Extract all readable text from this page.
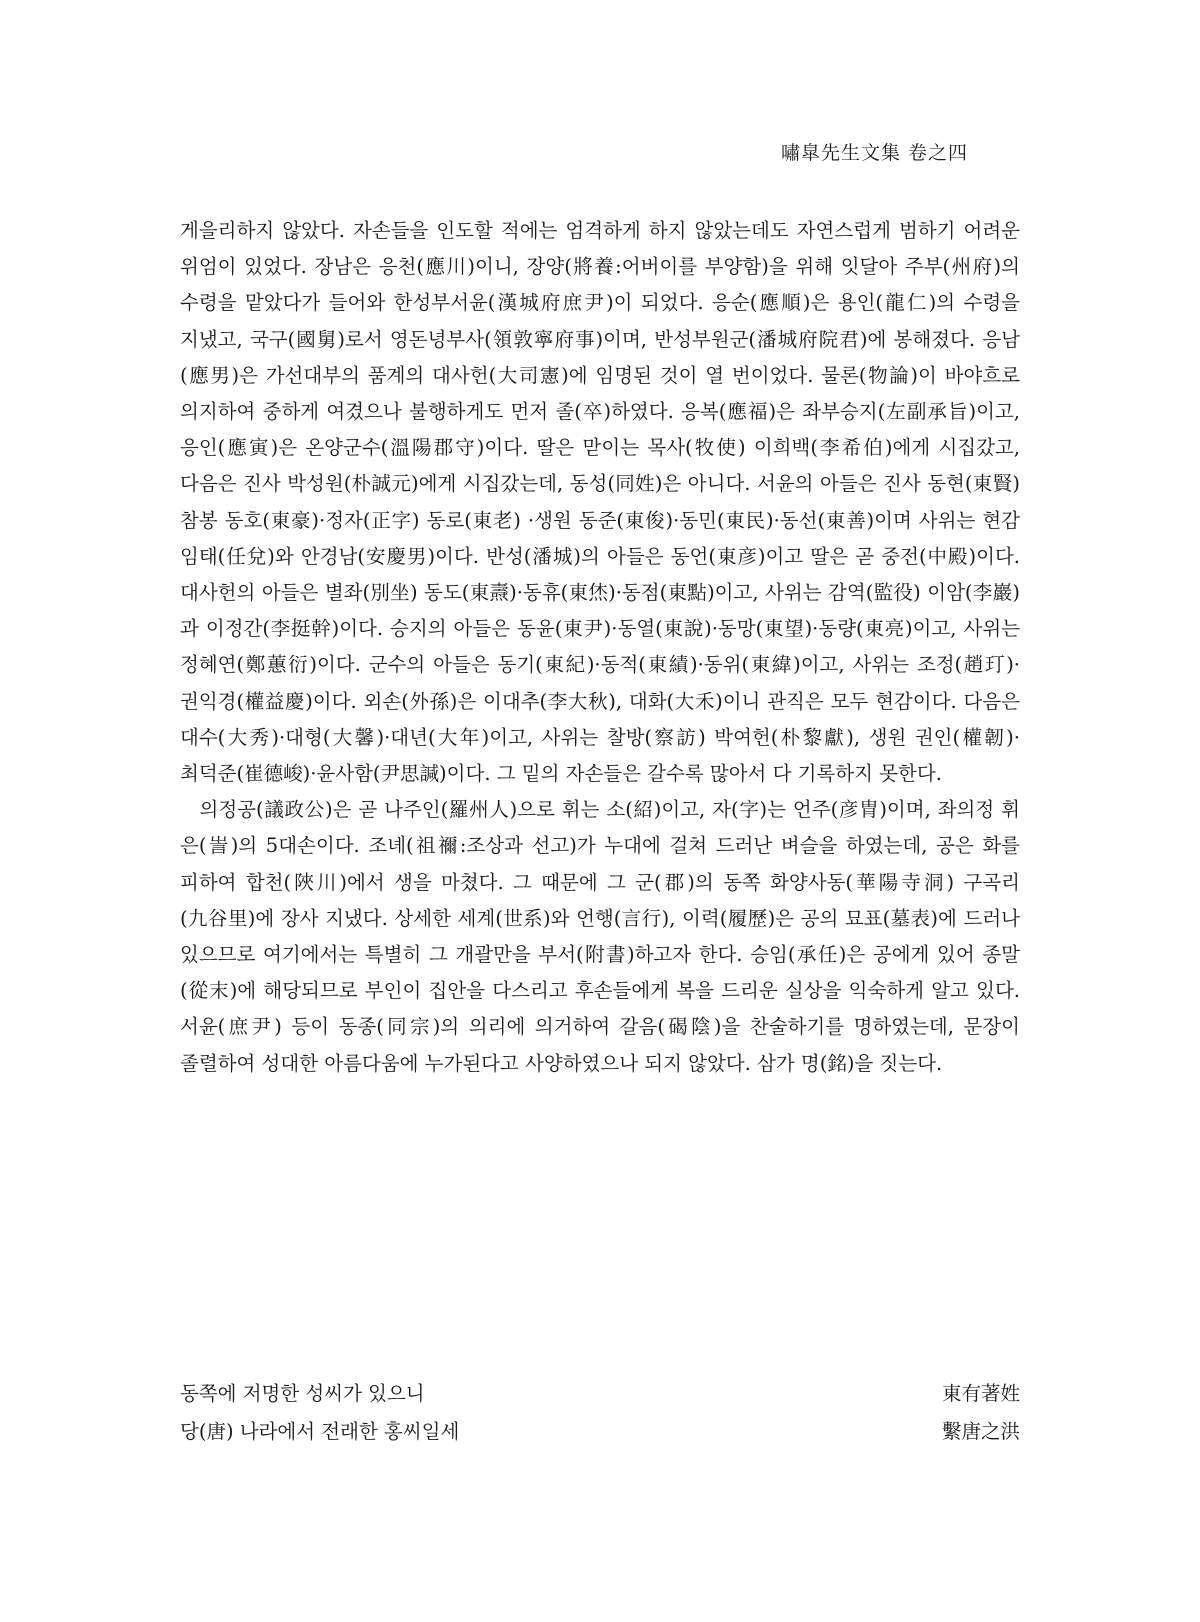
嘯皐先生文集 卷之四

게을리하지 않았다. 자손들을 인도할 적에는 엄격하게 하지 않았는데도 자연스럽게 범하기 어려운 위엄이 있었다. 장남은 응천(應川)이니, 장양(將養:어버이를 부양함)을 위해 잇달아 주부(州府)의 수령을 맡았다가 들어와 한성부서윤(漢城府庶尹)이 되었다. 응순(應順)은 용인(龍仁)의 수령을 지냈고, 국구(國舅)로서 영돈녕부사(領敦寧府事)이며, 반성부원군(潘城府院君)에 봉해졌다. 응남(應男)은 가선대부의 품계의 대사헌(大司憲)에 임명된 것이 열 번이었다. 물론(物論)이 바야흐로 의지하여 중하게 여겼으나 불행하게도 먼저 졸(卒)하였다. 응복(應福)은 좌부승지(左副承旨)이고, 응인(應寅)은 온양군수(溫陽郡守)이다. 딸은 맏이는 목사(牧使) 이희백(李希伯)에게 시집갔고, 다음은 진사 박성원(朴誠元)에게 시집갔는데, 동성(同姓)은 아니다. 서윤의 아들은 진사 동현(東賢) 참봉 동호(東豪)·정자(正字) 동로(東老) ·생원 동준(東俊)·동민(東民)·동선(東善)이며 사위는 현감 임태(任兌)와 안경남(安慶男)이다. 반성(潘城)의 아들은 동언(東彦)이고 딸은 곧 중전(中殿)이다. 대사헌의 아들은 별좌(別坐) 동도(東燾)·동휴(東烋)·동점(東點)이고, 사위는 감역(監役) 이암(李巖)과 이정간(李挺幹)이다. 승지의 아들은 동윤(東尹)·동열(東說)·동망(東望)·동량(東亮)이고, 사위는 정혜연(鄭蕙衍)이다. 군수의 아들은 동기(東紀)·동적(東績)·동위(東緯)이고, 사위는 조정(趙玎)·권익경(權益慶)이다. 외손(外孫)은 이대추(李大秋), 대화(大禾)이니 관직은 모두 현감이다. 다음은 대수(大秀)·대형(大馨)·대년(大年)이고, 사위는 찰방(察訪) 박여헌(朴黎獻), 생원 권인(權韌)·최덕준(崔德峻)·윤사함(尹思諴)이다. 그 밑의 자손들은 갈수록 많아서 다 기록하지 못한다.

의정공(議政公)은 곧 나주인(羅州人)으로 휘는 소(紹)이고, 자(字)는 언주(彦胄)이며, 좌의정 휘 은(訔)의 5대손이다. 조녜(祖禰:조상과 선고)가 누대에 걸쳐 드러난 벼슬을 하였는데, 공은 화를 피하여 합천(陜川)에서 생을 마쳤다. 그 때문에 그 군(郡)의 동쪽 화양사동(華陽寺洞) 구곡리(九谷里)에 장사 지냈다. 상세한 세계(世系)와 언행(言行), 이력(履歷)은 공의 묘표(墓表)에 드러나 있으므로 여기에서는 특별히 그 개괄만을 부서(附書)하고자 한다. 승임(承任)은 공에게 있어 종말(從末)에 해당되므로 부인이 집안을 다스리고 후손들에게 복을 드리운 실상을 익숙하게 알고 있다. 서윤(庶尹) 등이 동종(同宗)의 의리에 의거하여 갈음(碣陰)을 찬술하기를 명하였는데, 문장이 졸렬하여 성대한 아름다움에 누가된다고 사양하였으나 되지 않았다. 삼가 명(銘)을 짓는다.

동쪽에 저명한 성씨가 있으니	東有著姓
당(唐) 나라에서 전래한 홍씨일세	繫唐之洪
